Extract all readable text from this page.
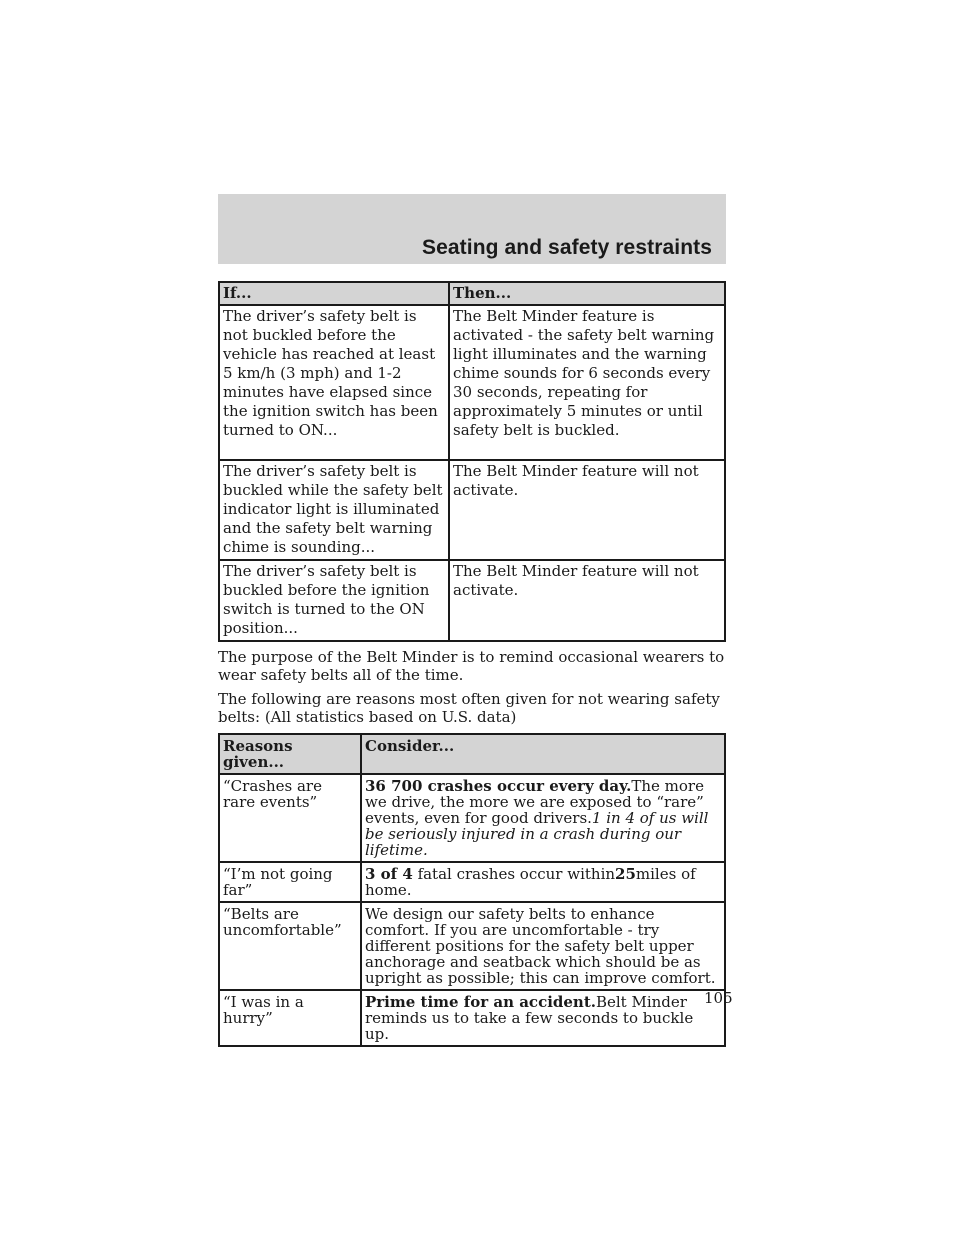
Seating and safety restraints
If...	Then...
The driver’s safety belt is not buckled before the vehicle has reached at least 5 km/h (3 mph) and 1-2 minutes have elapsed since the ignition switch has been turned to ON...	The Belt Minder feature is activated - the safety belt warning light illuminates and the warning chime sounds for 6 seconds every 30 seconds, repeating for approximately 5 minutes or until safety belt is buckled.
The driver’s safety belt is buckled while the safety belt indicator light is illuminated and the safety belt warning chime is sounding...	The Belt Minder feature will not activate.
The driver’s safety belt is buckled before the ignition switch is turned to the ON position...	The Belt Minder feature will not activate.

The purpose of the Belt Minder is to remind occasional wearers to wear safety belts all of the time.

The following are reasons most often given for not wearing safety belts: (All statistics based on U.S. data)

Reasons given...	Consider...
“Crashes are rare events”	36 700 crashes occur every day.The more we drive, the more we are exposed to “rare” events, even for good drivers.1 in 4 of us will be seriously injured in a crash during our lifetime.
“I’m not going far”	3 of 4 fatal crashes occur within25miles of home.
“Belts are uncomfortable”	We design our safety belts to enhance comfort. If you are uncomfortable - try different positions for the safety belt upper anchorage and seatback which should be as upright as possible; this can improve comfort.
“I was in a hurry”	Prime time for an accident.Belt Minder reminds us to take a few seconds to buckle up.
105
